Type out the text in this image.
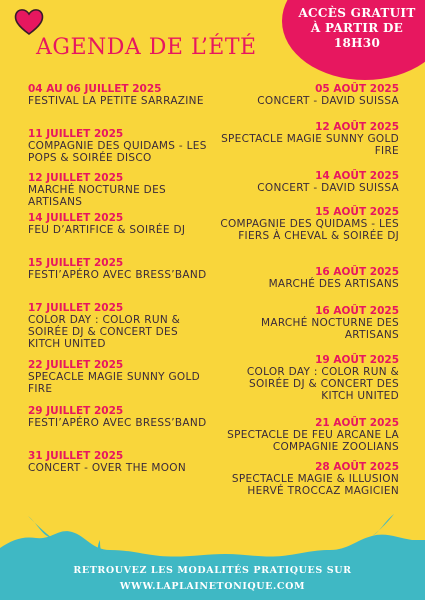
AGENDA DE L’ÉTÉ
ACCÈS GRATUIT
À PARTIR DE
18H30
04 AU 06 JUILLET 2025
FESTIVAL LA PETITE SARRAZINE
11 JUILLET 2025
COMPAGNIE DES QUIDAMS - LES POPS & SOIRÉE DISCO
12 JUILLET 2025
MARCHÉ NOCTURNE DES ARTISANS
14 JUILLET 2025
FEU D’ARTIFICE & SOIRÉE DJ
15 JUILLET 2025
FESTI’APÉRO AVEC BRESS’BAND
17 JUILLET 2025
COLOR DAY : COLOR RUN & SOIRÉE DJ & CONCERT DES KITCH UNITED
22 JUILLET 2025
SPECACLE MAGIE SUNNY GOLD FIRE
29 JUILLET 2025
FESTI’APÉRO AVEC BRESS’BAND
31 JUILLET 2025
CONCERT - OVER THE MOON
05 AOÛT 2025
CONCERT - DAVID SUISSA
12 AOÛT 2025
SPECTACLE MAGIE SUNNY GOLD FIRE
14 AOÛT 2025
CONCERT - DAVID SUISSA
15 AOÛT 2025
COMPAGNIE DES QUIDAMS - LES FIERS À CHEVAL & SOIRÉE DJ
16 AOÛT 2025
MARCHÉ DES ARTISANS
16 AOÛT 2025
MARCHÉ NOCTURNE DES ARTISANS
19 AOÛT 2025
COLOR DAY : COLOR RUN & SOIRÉE DJ & CONCERT DES KITCH UNITED
21 AOÛT 2025
SPECTACLE DE FEU ARCANE LA COMPAGNIE ZOOLIANS
28 AOÛT 2025
SPECTACLE MAGIE & ILLUSION HERVÉ TROCCAZ MAGICIEN
RETROUVEZ LES MODALITÉS PRATIQUES SUR
WWW.LAPLAINETONIQUE.COM
